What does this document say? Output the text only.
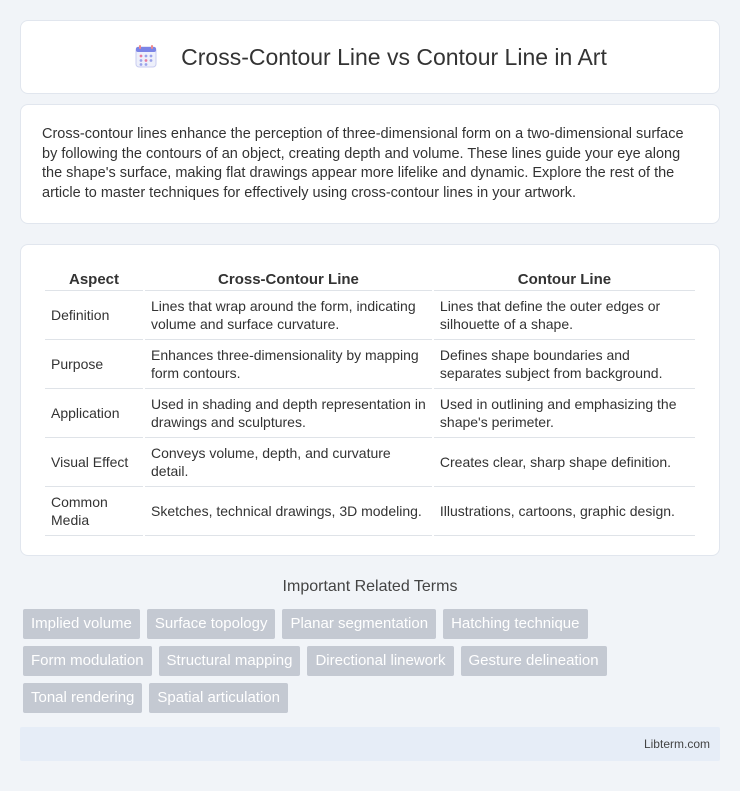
Cross-Contour Line vs Contour Line in Art

Cross-contour lines enhance the perception of three-dimensional form on a two-dimensional surface by following the contours of an object, creating depth and volume. These lines guide your eye along the shape's surface, making flat drawings appear more lifelike and dynamic. Explore the rest of the article to master techniques for effectively using cross-contour lines in your artwork.

Aspect	Cross-Contour Line	Contour Line
Definition	Lines that wrap around the form, indicating volume and surface curvature.	Lines that define the outer edges or silhouette of a shape.
Purpose	Enhances three-dimensionality by mapping form contours.	Defines shape boundaries and separates subject from background.
Application	Used in shading and depth representation in drawings and sculptures.	Used in outlining and emphasizing the shape's perimeter.
Visual Effect	Conveys volume, depth, and curvature detail.	Creates clear, sharp shape definition.
Common Media	Sketches, technical drawings, 3D modeling.	Illustrations, cartoons, graphic design.
Important Related Terms
Implied volume	Surface topology	Planar segmentation	Hatching technique
Form modulation	Structural mapping	Directional linework	Gesture delineation
Tonal rendering	Spatial articulation
Libterm.com
